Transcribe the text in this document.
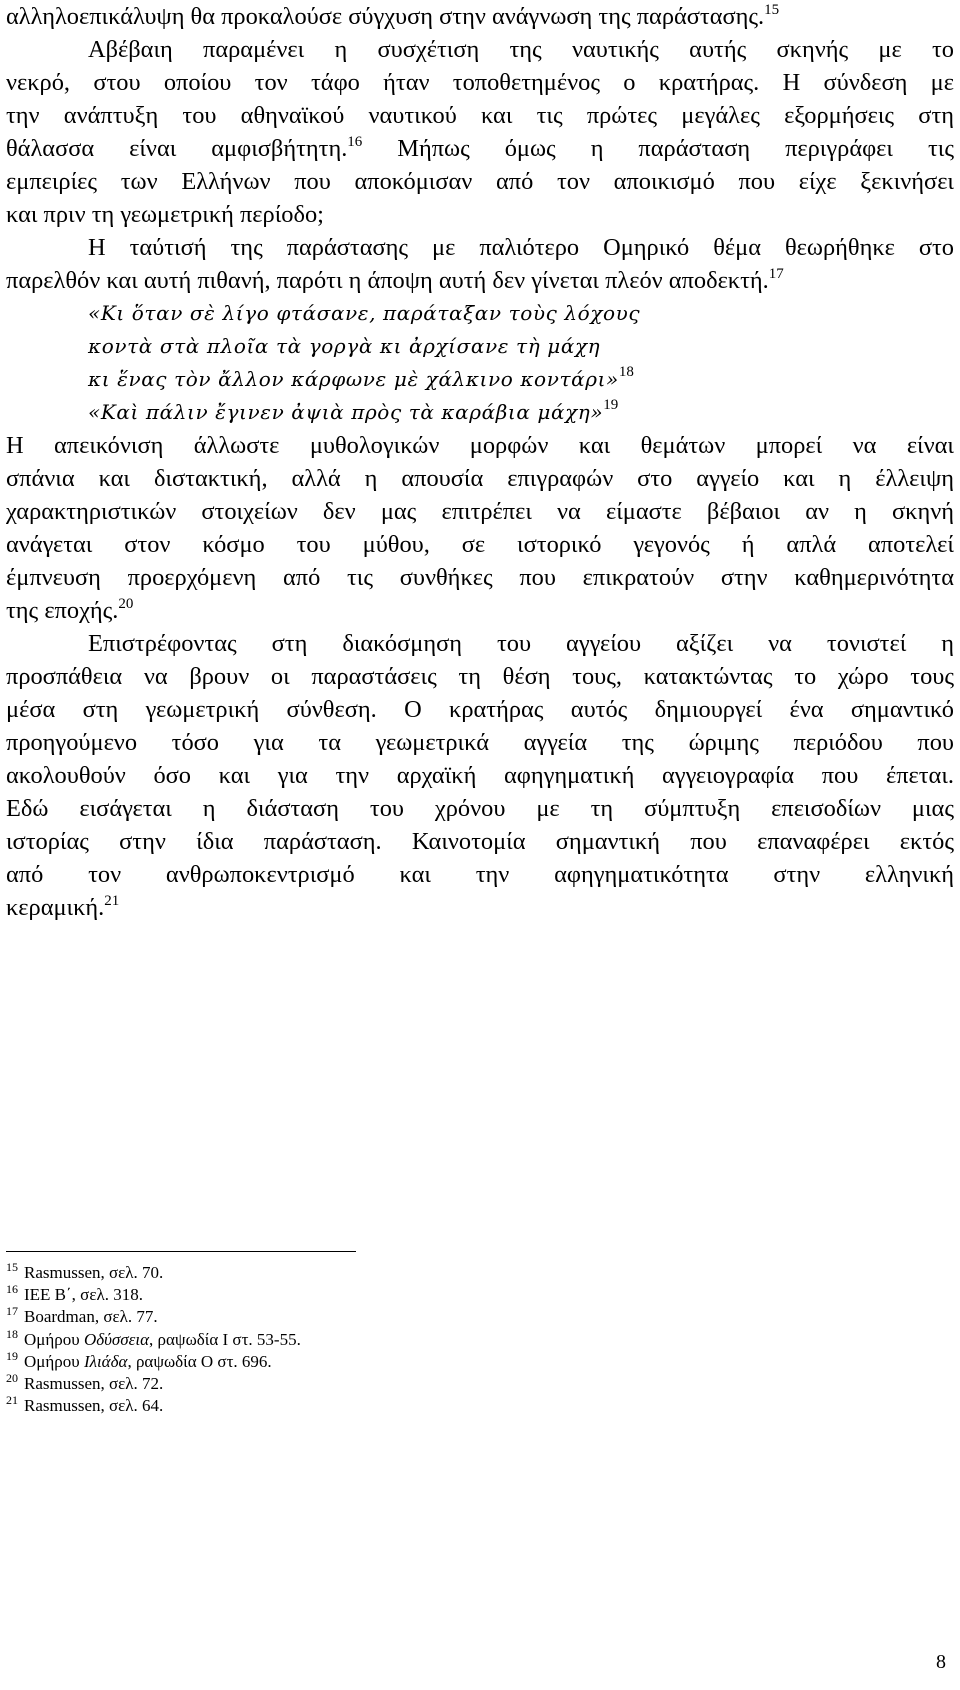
αλληλοεπικάλυψη θα προκαλούσε σύγχυση στην ανάγνωση της παράστασης.$^{15}$
Αβέβαιη παραμένει η συσχέτιση της ναυτικής αυτής σκηνής με το
νεκρό, στου οποίου τον τάφο ήταν τοποθετημένος ο κρατήρας. Η σύνδεση με
την ανάπτυξη του αθηναϊκού ναυτικού και τις πρώτες μεγάλες εξορμήσεις στη
θάλασσα είναι αμφισβήτητη.$^{16}$ Μήπως όμως η παράσταση περιγράφει τις
εμπειρίες των Ελλήνων που αποκόμισαν από τον αποικισμό που είχε ξεκινήσει
και πριν τη γεωμετρική περίοδο;
Η ταύτισή της παράστασης με παλιότερο Ομηρικό θέμα θεωρήθηκε στο
παρελθόν και αυτή πιθανή, παρότι η άποψη αυτή δεν γίνεται πλεόν αποδεκτή.$^{17}$
«Κι ὅταν σὲ λίγο φτάσανε, παράταξαν τοὺς λόχους
κοντὰ στὰ πλοῖα τὰ γοργὰ κι ἀρχίσανε τὴ μάχη
κι ἕνας τὸν ἄλλον κάρφωνε μὲ χάλκινο κοντάρι»$^{18}$
«Καὶ πάλιν ἔγινεν ἀψιὰ πρὸς τὰ καράβια μάχη»$^{19}$
Η απεικόνιση άλλωστε μυθολογικών μορφών και θεμάτων μπορεί να είναι
σπάνια και διστακτική, αλλά η απουσία επιγραφών στο αγγείο και η έλλειψη
χαρακτηριστικών στοιχείων δεν μας επιτρέπει να είμαστε βέβαιοι αν η σκηνή
ανάγεται στον κόσμο του μύθου, σε ιστορικό γεγονός ή απλά αποτελεί
έμπνευση προερχόμενη από τις συνθήκες που επικρατούν στην καθημερινότητα
της εποχής.$^{20}$
Επιστρέφοντας στη διακόσμηση του αγγείου αξίζει να τονιστεί η
προσπάθεια να βρουν οι παραστάσεις τη θέση τους, κατακτώντας το χώρο τους
μέσα στη γεωμετρική σύνθεση. Ο κρατήρας αυτός δημιουργεί ένα σημαντικό
προηγούμενο τόσο για τα γεωμετρικά αγγεία της ώριμης περιόδου που
ακολουθούν όσο και για την αρχαϊκή αφηγηματική αγγειογραφία που έπεται.
Εδώ εισάγεται η διάσταση του χρόνου με τη σύμπτυξη επεισοδίων μιας
ιστορίας στην ίδια παράσταση. Καινοτομία σημαντική που επαναφέρει εκτός
από τον ανθρωποκεντρισμό και την αφηγηματικότητα στην ελληνική
κεραμική.$^{21}$
$^{15}$ Rasmussen, σελ. 70.
$^{16}$ ΙΕΕ Β΄, σελ. 318.
$^{17}$ Boardman, σελ. 77.
$^{18}$ Ομήρου Οδύσσεια, ραψωδία Ι στ. 53-55.
$^{19}$ Ομήρου Ιλιάδα, ραψωδία Ο στ. 696.
$^{20}$ Rasmussen, σελ. 72.
$^{21}$ Rasmussen, σελ. 64.
8
